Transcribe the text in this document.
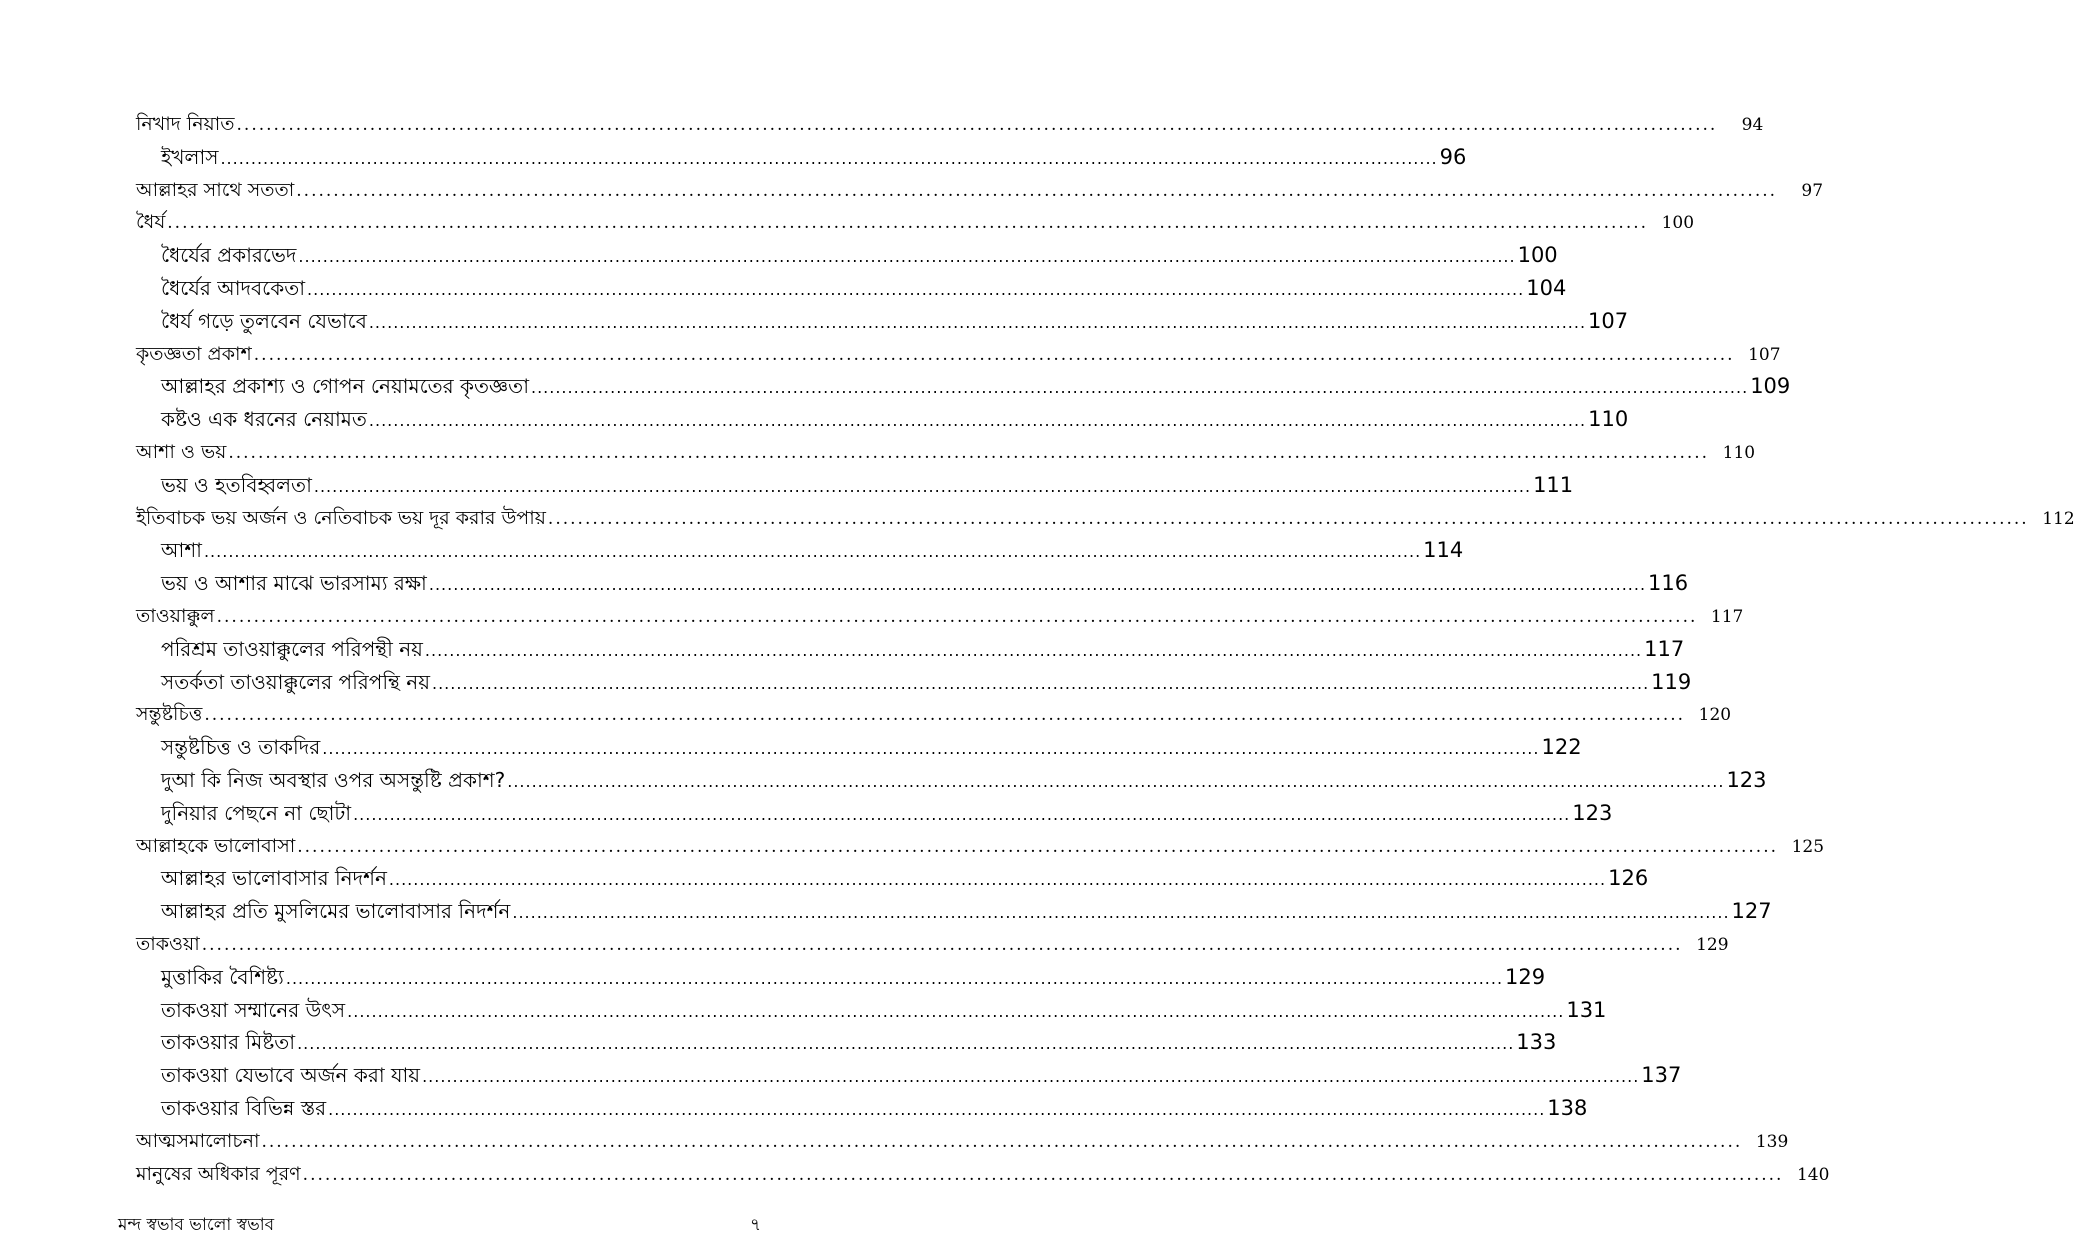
নিখাদ নিয়াত ........................................................................................................................................................................................................	94
ইখলাস ........................................................................................................................................................................................................ 96
আল্লাহর সাথে সততা ........................................................................................................................................................................................................	97
ধৈর্য ........................................................................................................................................................................................................ 100
ধৈর্যের প্রকারভেদ ........................................................................................................................................................................................................ 100
ধৈর্যের আদবকেতা ........................................................................................................................................................................................................ 104
ধৈর্য গড়ে তুলবেন যেভাবে ........................................................................................................................................................................................................ 107
কৃতজ্ঞতা প্রকাশ ........................................................................................................................................................................................................ 107
আল্লাহর প্রকাশ্য ও গোপন নেয়ামতের কৃতজ্ঞতা ........................................................................................................................................................................................................ 109
কষ্টও এক ধরনের নেয়ামত ........................................................................................................................................................................................................ 110
আশা ও ভয় ........................................................................................................................................................................................................ 110
ভয় ও হতবিহ্বলতা ........................................................................................................................................................................................................ 111
ইতিবাচক ভয় অর্জন ও নেতিবাচক ভয় দূর করার উপায় ........................................................................................................................................................................................................ 112
আশা ........................................................................................................................................................................................................ 114
ভয় ও আশার মাঝে ভারসাম্য রক্ষা ........................................................................................................................................................................................................ 116
তাওয়াক্কুল ........................................................................................................................................................................................................ 117
পরিশ্রম তাওয়াক্কুলের পরিপন্থী নয় ........................................................................................................................................................................................................ 117
সতর্কতা তাওয়াক্কুলের পরিপন্থি নয় ........................................................................................................................................................................................................ 119
সন্তুষ্টচিত্ত ........................................................................................................................................................................................................ 120
সন্তুষ্টচিত্ত ও তাকদির ........................................................................................................................................................................................................ 122
দুআ কি নিজ অবস্থার ওপর অসন্তুষ্টি প্রকাশ? ........................................................................................................................................................................................................ 123
দুনিয়ার পেছনে না ছোটা ........................................................................................................................................................................................................ 123
আল্লাহকে ভালোবাসা ........................................................................................................................................................................................................ 125
আল্লাহর ভালোবাসার নিদর্শন ........................................................................................................................................................................................................ 126
আল্লাহর প্রতি মুসলিমের ভালোবাসার নিদর্শন ........................................................................................................................................................................................................ 127
তাকওয়া ........................................................................................................................................................................................................ 129
মুত্তাকির বৈশিষ্ট্য ........................................................................................................................................................................................................ 129
তাকওয়া সম্মানের উৎস ........................................................................................................................................................................................................ 131
তাকওয়ার মিষ্টতা ........................................................................................................................................................................................................ 133
তাকওয়া যেভাবে অর্জন করা যায় ........................................................................................................................................................................................................ 137
তাকওয়ার বিভিন্ন স্তর ........................................................................................................................................................................................................ 138
আত্মসমালোচনা ........................................................................................................................................................................................................ 139
মানুষের অধিকার পূরণ ........................................................................................................................................................................................................ 140
মন্দ স্বভাব ভালো স্বভাব	৭
